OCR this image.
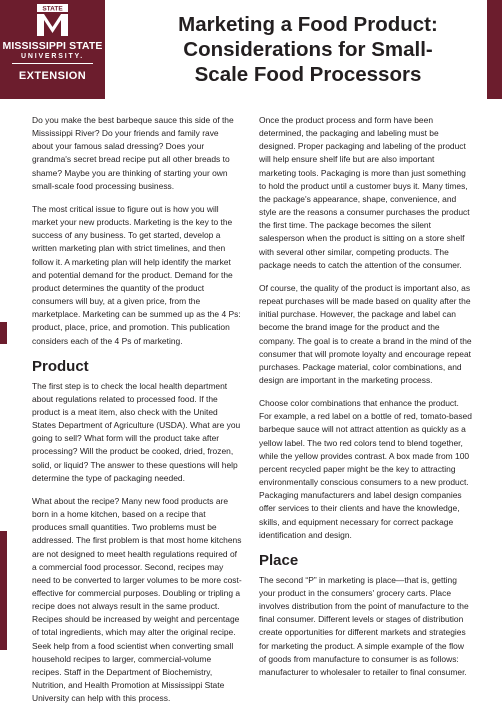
STATE
MISSISSIPPI STATE
UNIVERSITY.
EXTENSION
Marketing a Food Product:
Considerations for Small-
Scale Food Processors

Do you make the best barbeque sauce this side of the Mississippi River? Do your friends and family rave about your famous salad dressing? Does your grandma's secret bread recipe put all other breads to shame? Maybe you are thinking of starting your own small-scale food processing business.

The most critical issue to figure out is how you will market your new products. Marketing is the key to the success of any business. To get started, develop a written marketing plan with strict timelines, and then follow it. A marketing plan will help identify the market and potential demand for the product. Demand for the product determines the quantity of the product consumers will buy, at a given price, from the marketplace. Marketing can be summed up as the 4 Ps: product, place, price, and promotion. This publication considers each of the 4 Ps of marketing.

Product

The first step is to check the local health department about regulations related to processed food. If the product is a meat item, also check with the United States Department of Agriculture (USDA). What are you going to sell? What form will the product take after processing? Will the product be cooked, dried, frozen, solid, or liquid? The answer to these questions will help determine the type of packaging needed.

What about the recipe? Many new food products are born in a home kitchen, based on a recipe that produces small quantities. Two problems must be addressed. The first problem is that most home kitchens are not designed to meet health regulations required of a commercial food processor. Second, recipes may need to be converted to larger volumes to be more cost-effective for commercial purposes. Doubling or tripling a recipe does not always result in the same product. Recipes should be increased by weight and percentage of total ingredients, which may alter the original recipe. Seek help from a food scientist when converting small household recipes to larger, commercial-volume recipes. Staff in the Department of Biochemistry, Nutrition, and Health Promotion at Mississippi State University can help with this process.

Once the product process and form have been determined, the packaging and labeling must be designed. Proper packaging and labeling of the product will help ensure shelf life but are also important marketing tools. Packaging is more than just something to hold the product until a customer buys it. Many times, the package's appearance, shape, convenience, and style are the reasons a consumer purchases the product the first time. The package becomes the silent salesperson when the product is sitting on a store shelf with several other similar, competing products. The package needs to catch the attention of the consumer.

Of course, the quality of the product is important also, as repeat purchases will be made based on quality after the initial purchase. However, the package and label can become the brand image for the product and the company. The goal is to create a brand in the mind of the consumer that will promote loyalty and encourage repeat purchases. Package material, color combinations, and design are important in the marketing process.

Choose color combinations that enhance the product. For example, a red label on a bottle of red, tomato-based barbeque sauce will not attract attention as quickly as a yellow label. The two red colors tend to blend together, while the yellow provides contrast. A box made from 100 percent recycled paper might be the key to attracting environmentally conscious consumers to a new product. Packaging manufacturers and label design companies offer services to their clients and have the knowledge, skills, and equipment necessary for correct package identification and design.

Place

The second “P” in marketing is place—that is, getting your product in the consumers' grocery carts. Place involves distribution from the point of manufacture to the final consumer. Different levels or stages of distribution create opportunities for different markets and strategies for marketing the product. A simple example of the flow of goods from manufacture to consumer is as follows: manufacturer to wholesaler to retailer to final consumer.
